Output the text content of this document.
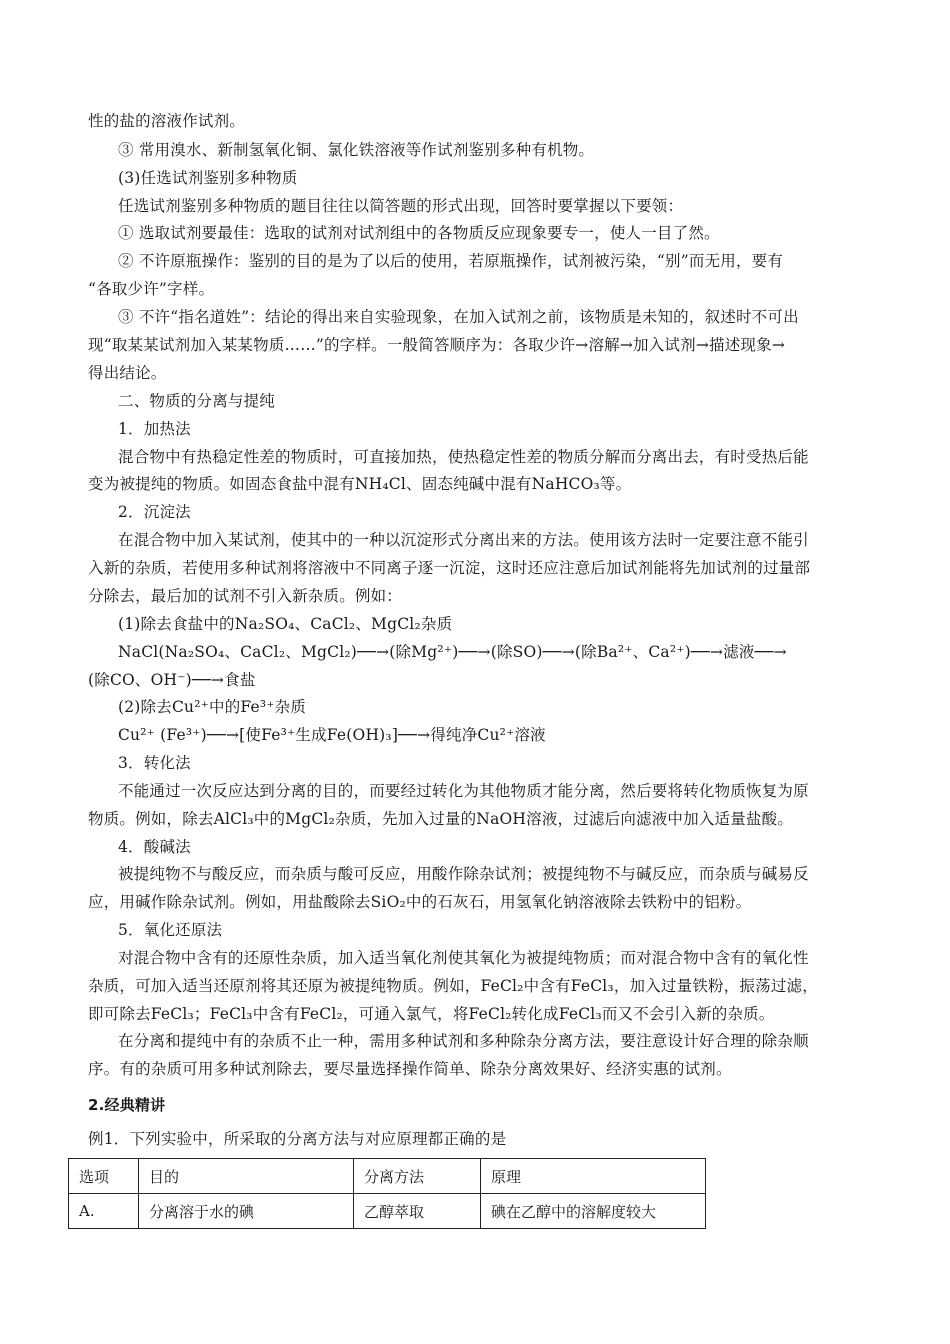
性的盐的溶液作试剂。
③ 常用溴水、新制氢氧化铜、氯化铁溶液等作试剂鉴别多种有机物。
(3)任选试剂鉴别多种物质
任选试剂鉴别多种物质的题目往往以简答题的形式出现，回答时要掌握以下要领：
① 选取试剂要最佳：选取的试剂对试剂组中的各物质反应现象要专一，使人一目了然。
② 不许原瓶操作：鉴别的目的是为了以后的使用，若原瓶操作，试剂被污染，“别”而无用，要有
“各取少许”字样。
③ 不许“指名道姓”：结论的得出来自实验现象，在加入试剂之前，该物质是未知的，叙述时不可出
现“取某某试剂加入某某物质……”的字样。一般简答顺序为：各取少许→溶解→加入试剂→描述现象→
得出结论。
二、物质的分离与提纯
1．加热法
混合物中有热稳定性差的物质时，可直接加热，使热稳定性差的物质分解而分离出去，有时受热后能
变为被提纯的物质。如固态食盐中混有NH₄Cl、固态纯碱中混有NaHCO₃等。
2．沉淀法
在混合物中加入某试剂，使其中的一种以沉淀形式分离出来的方法。使用该方法时一定要注意不能引
入新的杂质，若使用多种试剂将溶液中不同离子逐一沉淀，这时还应注意后加试剂能将先加试剂的过量部
分除去，最后加的试剂不引入新杂质。例如：
(1)除去食盐中的Na₂SO₄、CaCl₂、MgCl₂杂质
NaCl(Na₂SO₄、CaCl₂、MgCl₂)──→(除Mg²⁺)──→(除SO)──→(除Ba²⁺、Ca²⁺)──→滤液──→
(除CO、OH⁻)──→食盐
(2)除去Cu²⁺中的Fe³⁺杂质
Cu²⁺ (Fe³⁺)──→[使Fe³⁺生成Fe(OH)₃]──→得纯净Cu²⁺溶液
3．转化法
不能通过一次反应达到分离的目的，而要经过转化为其他物质才能分离，然后要将转化物质恢复为原
物质。例如，除去AlCl₃中的MgCl₂杂质，先加入过量的NaOH溶液，过滤后向滤液中加入适量盐酸。
4．酸碱法
被提纯物不与酸反应，而杂质与酸可反应，用酸作除杂试剂；被提纯物不与碱反应，而杂质与碱易反
应，用碱作除杂试剂。例如，用盐酸除去SiO₂中的石灰石，用氢氧化钠溶液除去铁粉中的铝粉。
5．氧化还原法
对混合物中含有的还原性杂质，加入适当氧化剂使其氧化为被提纯物质；而对混合物中含有的氧化性
杂质，可加入适当还原剂将其还原为被提纯物质。例如，FeCl₂中含有FeCl₃，加入过量铁粉，振荡过滤，
即可除去FeCl₃；FeCl₃中含有FeCl₂，可通入氯气，将FeCl₂转化成FeCl₃而又不会引入新的杂质。
在分离和提纯中有的杂质不止一种，需用多种试剂和多种除杂分离方法，要注意设计好合理的除杂顺
序。有的杂质可用多种试剂除去，要尽量选择操作简单、除杂分离效果好、经济实惠的试剂。
2.经典精讲
例1．下列实验中，所采取的分离方法与对应原理都正确的是
选项	目的	分离方法	原理
A.	分离溶于水的碘	乙醇萃取	碘在乙醇中的溶解度较大
